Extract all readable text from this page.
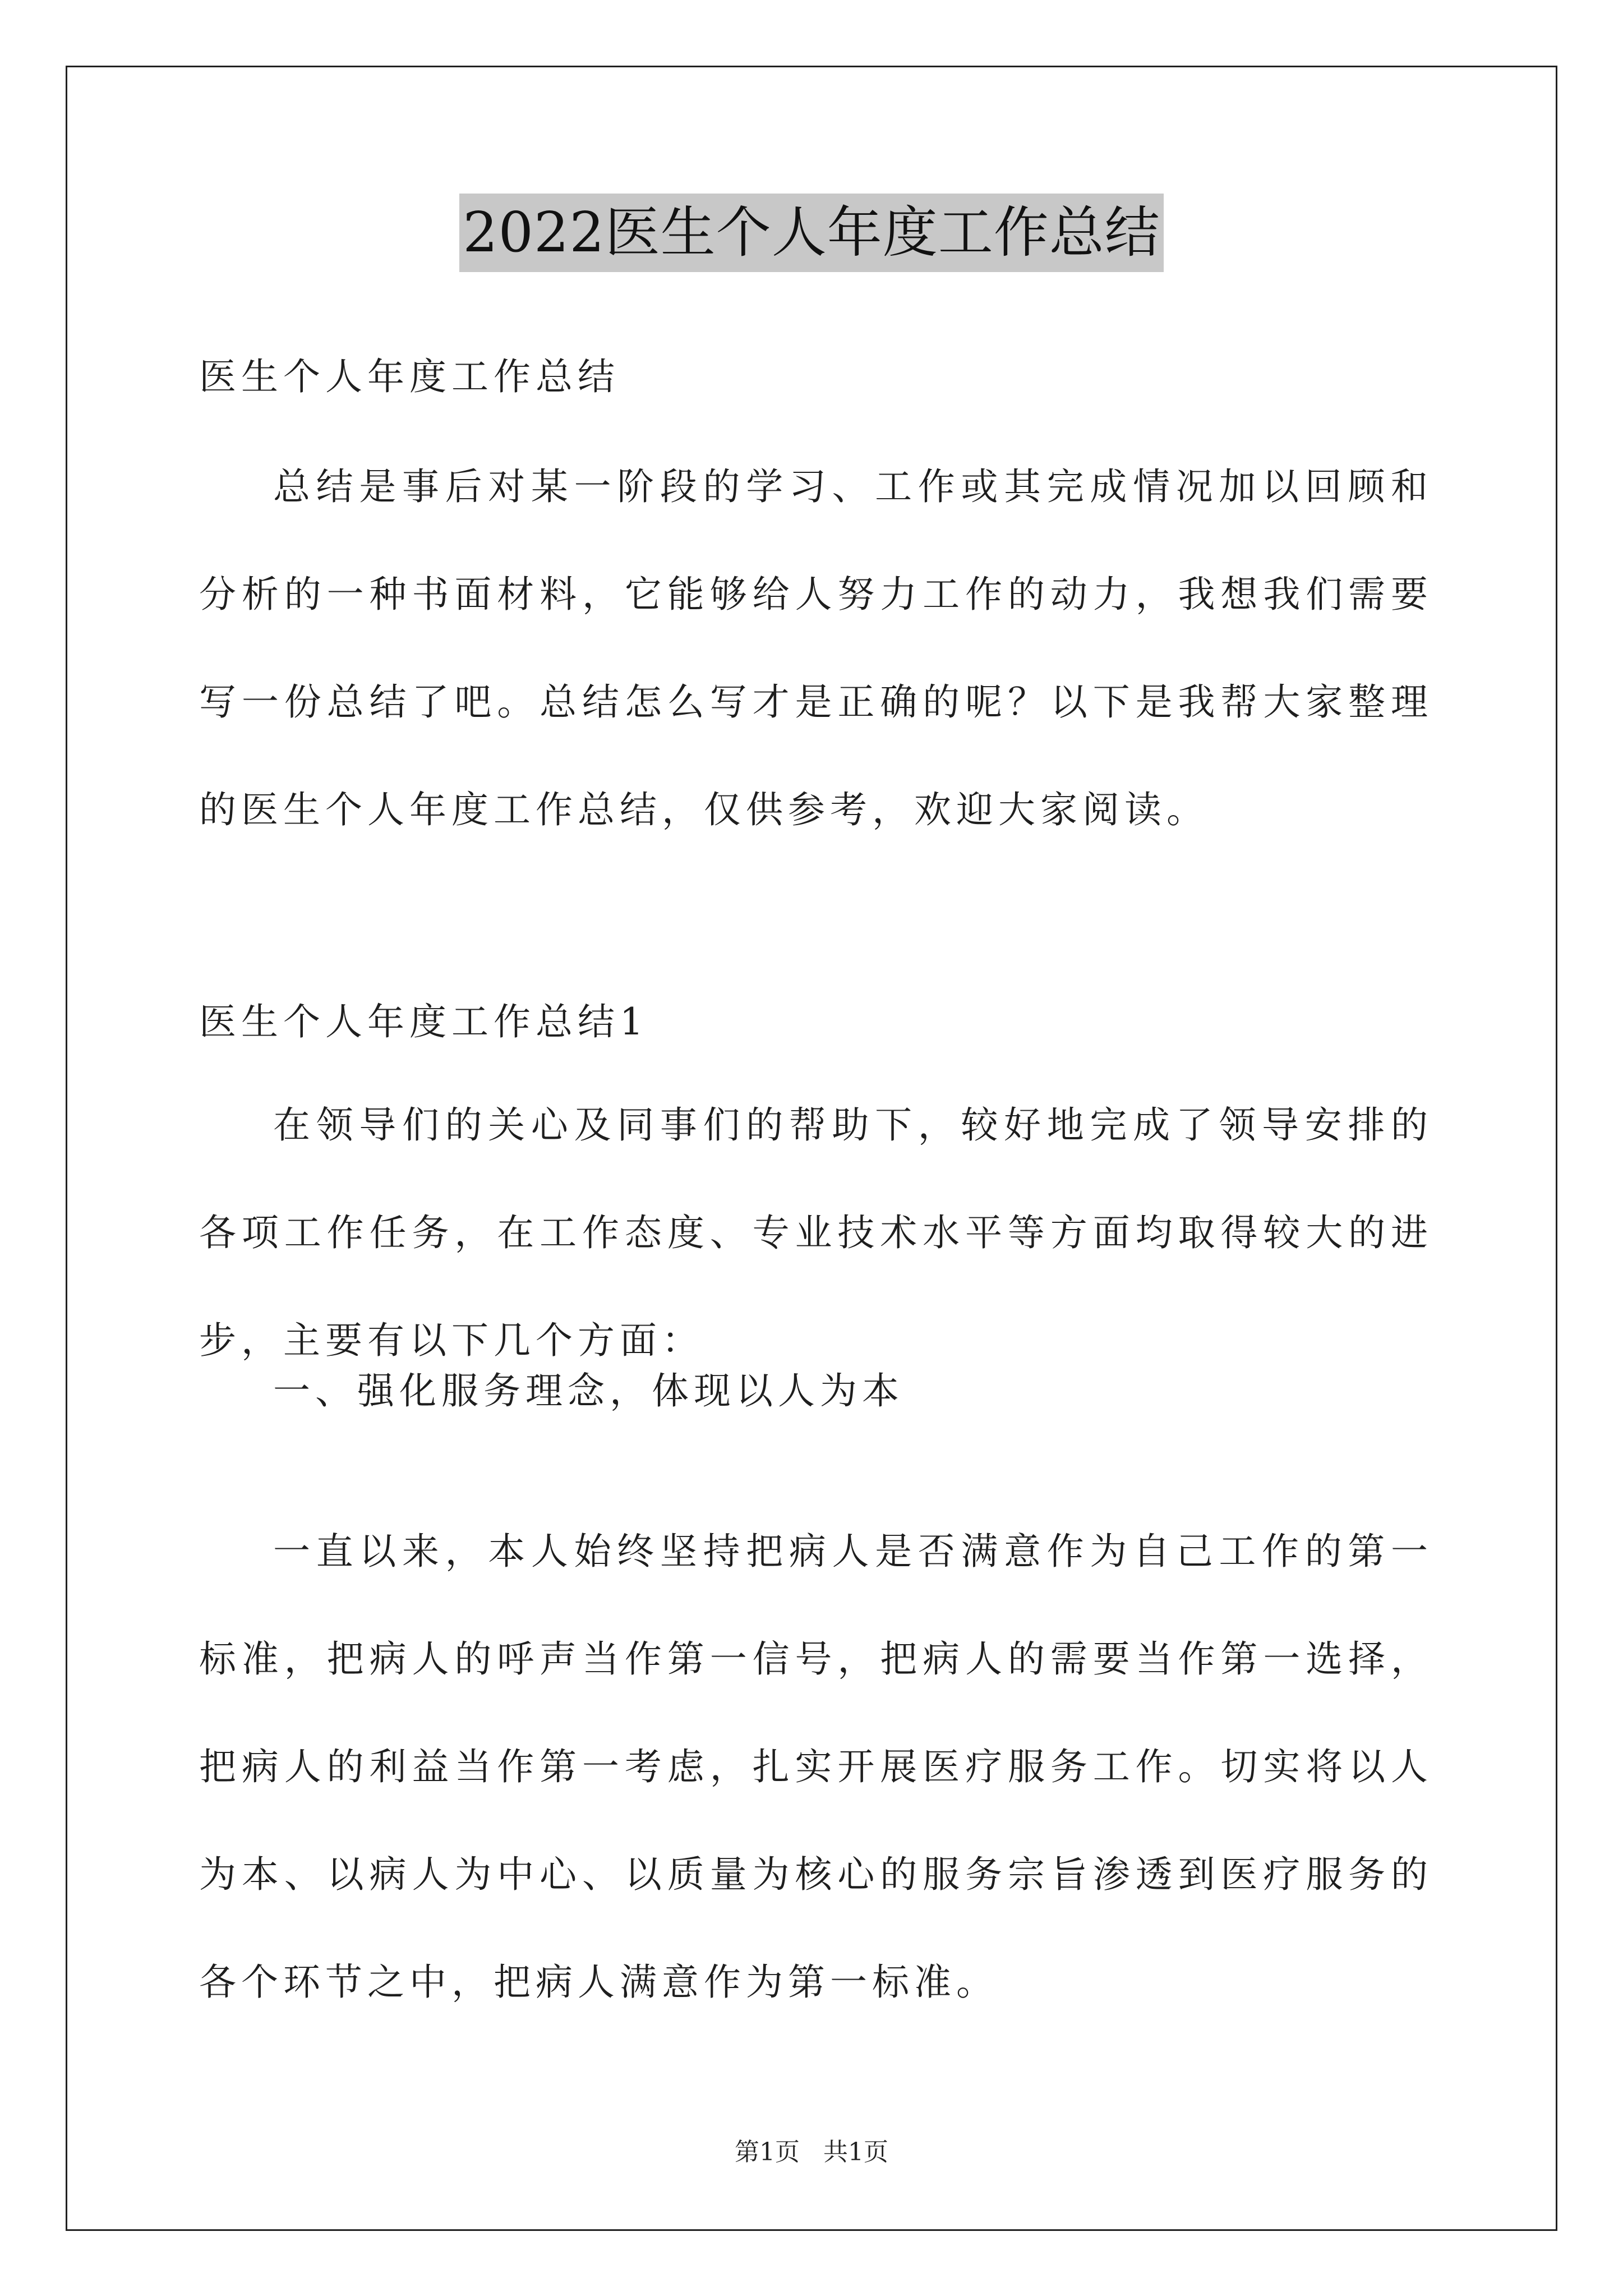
2022医生个人年度工作总结
医生个人年度工作总结

总结是事后对某一阶段的学习、工作或其完成情况加以回顾和分析的一种书面材料，它能够给人努力工作的动力，我想我们需要写一份总结了吧。总结怎么写才是正确的呢？以下是我帮大家整理的医生个人年度工作总结，仅供参考，欢迎大家阅读。

医生个人年度工作总结1

在领导们的关心及同事们的帮助下，较好地完成了领导安排的各项工作任务，在工作态度、专业技术水平等方面均取得较大的进步，主要有以下几个方面：

一、强化服务理念，体现以人为本

一直以来，本人始终坚持把病人是否满意作为自己工作的第一标准，把病人的呼声当作第一信号，把病人的需要当作第一选择，把病人的利益当作第一考虑，扎实开展医疗服务工作。切实将以人为本、以病人为中心、以质量为核心的服务宗旨渗透到医疗服务的各个环节之中，把病人满意作为第一标准。

第1页   共1页
